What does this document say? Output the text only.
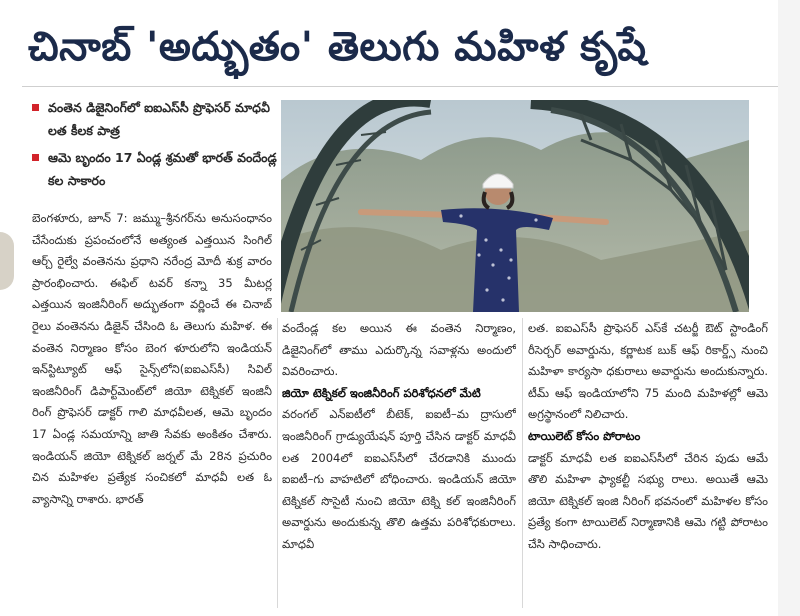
చినాబ్ 'అద్భుతం' తెలుగు మహిళ కృషే
వంతెన డిజైనింగ్‌లో ఐఐఎస్‌సీ ప్రొఫెసర్ మాధవీ లత కీలక పాత్ర
ఆమె బృందం 17 ఏండ్ల శ్రమతో భారత్ వందేండ్ల కల సాకారం

బెంగళూరు, జూన్ 7: జమ్ము–శ్రీనగర్‌ను అనుసంధానం చేసేందుకు ప్రపంచంలోనే అత్యంత ఎత్తయిన సింగిల్ ఆర్చ్ రైల్వే వంతెనను ప్రధాని నరేంద్ర మోదీ శుక్ర వారం ప్రారంభించారు. ఈఫిల్ టవర్ కన్నా 35 మీటర్ల ఎత్తయిన ఇంజినీరింగ్ అద్భుతంగా వర్ణించే ఈ చినాబ్ రైలు వంతెనను డిజైన్ చేసింది ఓ తెలుగు మహిళ. ఈ వంతెన నిర్మాణం కోసం బెంగ ళూరులోని ఇండియన్ ఇన్‌స్టిట్యూట్ ఆఫ్ సైన్స్‌లోని(ఐఐఎస్‌సీ) సివిల్ ఇంజినీరింగ్ డిపార్ట్‌మెంట్‌లో జియో టెక్నికల్ ఇంజినీ రింగ్ ప్రొఫెసర్ డాక్టర్ గాలి మాధవీలత, ఆమె బృందం 17 ఏండ్ల సమయాన్ని జాతి సేవకు అంకితం చేశారు. ఇండియన్ జియో టెక్నికల్ జర్నల్ మే 28న ప్రచురిం చిన మహిళల ప్రత్యేక సంచికలో మాధవీ లత ఓ వ్యాసాన్ని రాశారు. భారత్

వందేండ్ల కల అయిన ఈ వంతెన నిర్మాణం, డిజైనింగ్‌లో తాము ఎదుర్కొన్న సవాళ్లను అందులో వివరించారు.

జియో టెక్నికల్ ఇంజినీరింగ్ పరిశోధనలో మేటి

వరంగల్ ఎన్ఐటీలో బీటెక్, ఐఐటీ–మ ద్రాసులో ఇంజినీరింగ్ గ్రాడ్యుయేషన్ పూర్తి చేసిన డాక్టర్ మాధవీ లత 2004లో ఐఐఎస్‌సీలో చేరడానికి ముందు ఐఐటీ–గు వాహటిలో బోధించారు. ఇండియన్ జియో టెక్నికల్ సొసైటీ నుంచి జియో టెక్ని కల్ ఇంజినీరింగ్ అవార్డును అందుకున్న తొలి ఉత్తమ పరిశోధకురాలు. మాధవీ

లత. ఐఐఎస్‌సీ ప్రొఫెసర్ ఎస్‌కే చటర్జీ ఔట్ స్టాండింగ్ రీసెర్చర్ అవార్డును, కర్ణాటక బుక్ ఆఫ్ రికార్డ్స్ నుంచి మహిళా కార్యసా ధకురాలు అవార్డును అందుకున్నారు. టీమ్ ఆఫ్ ఇండియాలోని 75 మంది మహిళల్లో ఆమె అగ్రస్థానంలో నిలిచారు.

టాయిలెట్ కోసం పోరాటం

డాక్టర్ మాధవీ లత ఐఐఎస్‌సీలో చేరిన పుడు ఆమే తొలి మహిళా ఫ్యాకల్టీ సభ్యు రాలు. అయితే ఆమె జియో టెక్నికల్ ఇంజి నీరింగ్ భవనంలో మహిళల కోసం ప్రత్యే కంగా టాయిలెట్ నిర్మాణానికి ఆమె గట్టి పోరాటం చేసి సాధించారు.
